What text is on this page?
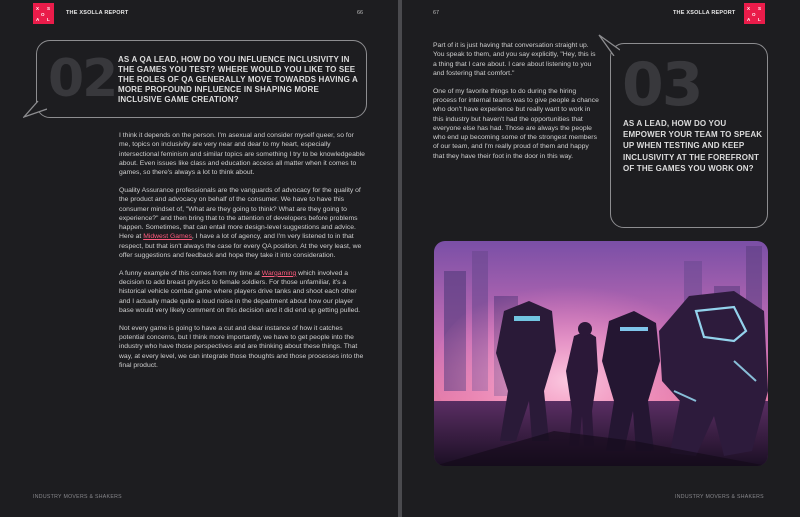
X S
O
A L
THE XSOLLA REPORT	66
02 AS A QA LEAD, HOW DO YOU INFLUENCE INCLUSIVITY IN THE GAMES YOU TEST? WHERE WOULD YOU LIKE TO SEE THE ROLES OF QA GENERALLY MOVE TOWARDS HAVING A MORE PROFOUND INFLUENCE IN SHAPING MORE INCLUSIVE GAME CREATION?

I think it depends on the person. I'm asexual and consider myself queer, so for me, topics on inclusivity are very near and dear to my heart, especially intersectional feminism and similar topics are something I try to be knowledgeable about. Even issues like class and education access all matter when it comes to games, so there's always a lot to think about.

Quality Assurance professionals are the vanguards of advocacy for the quality of the product and advocacy on behalf of the consumer. We have to have this consumer mindset of, "What are they going to think? What are they going to experience?" and then bring that to the attention of developers before problems happen. Sometimes, that can entail more design-level suggestions and advice. Here at Midwest Games, I have a lot of agency, and I'm very listened to in that respect, but that isn't always the case for every QA position. At the very least, we offer suggestions and feedback and hope they take it into consideration.

A funny example of this comes from my time at Wargaming which involved a decision to add breast physics to female soldiers. For those unfamiliar, it's a historical vehicle combat game where players drive tanks and shoot each other and I actually made quite a loud noise in the department about how our player base would very likely comment on this decision and it did end up getting pulled.

Not every game is going to have a cut and clear instance of how it catches potential concerns, but I think more importantly, we have to get people into the industry who have those perspectives and are thinking about these things. That way, at every level, we can integrate those thoughts and those processes into the final product.

INDUSTRY MOVERS & SHAKERS
67	THE XSOLLA REPORT
X S
O
A L

Part of it is just having that conversation straight up. You speak to them, and you say explicitly, "Hey, this is a thing that I care about. I care about listening to you and fostering that comfort."

One of my favorite things to do during the hiring process for internal teams was to give people a chance who don't have experience but really want to work in this industry but haven't had the opportunities that everyone else has had. Those are always the people who end up becoming some of the strongest members of our team, and I'm really proud of them and happy that they have their foot in the door in this way.

03
AS A LEAD, HOW DO YOU EMPOWER YOUR TEAM TO SPEAK UP WHEN TESTING AND KEEP INCLUSIVITY AT THE FOREFRONT OF THE GAMES YOU WORK ON?
INDUSTRY MOVERS & SHAKERS
